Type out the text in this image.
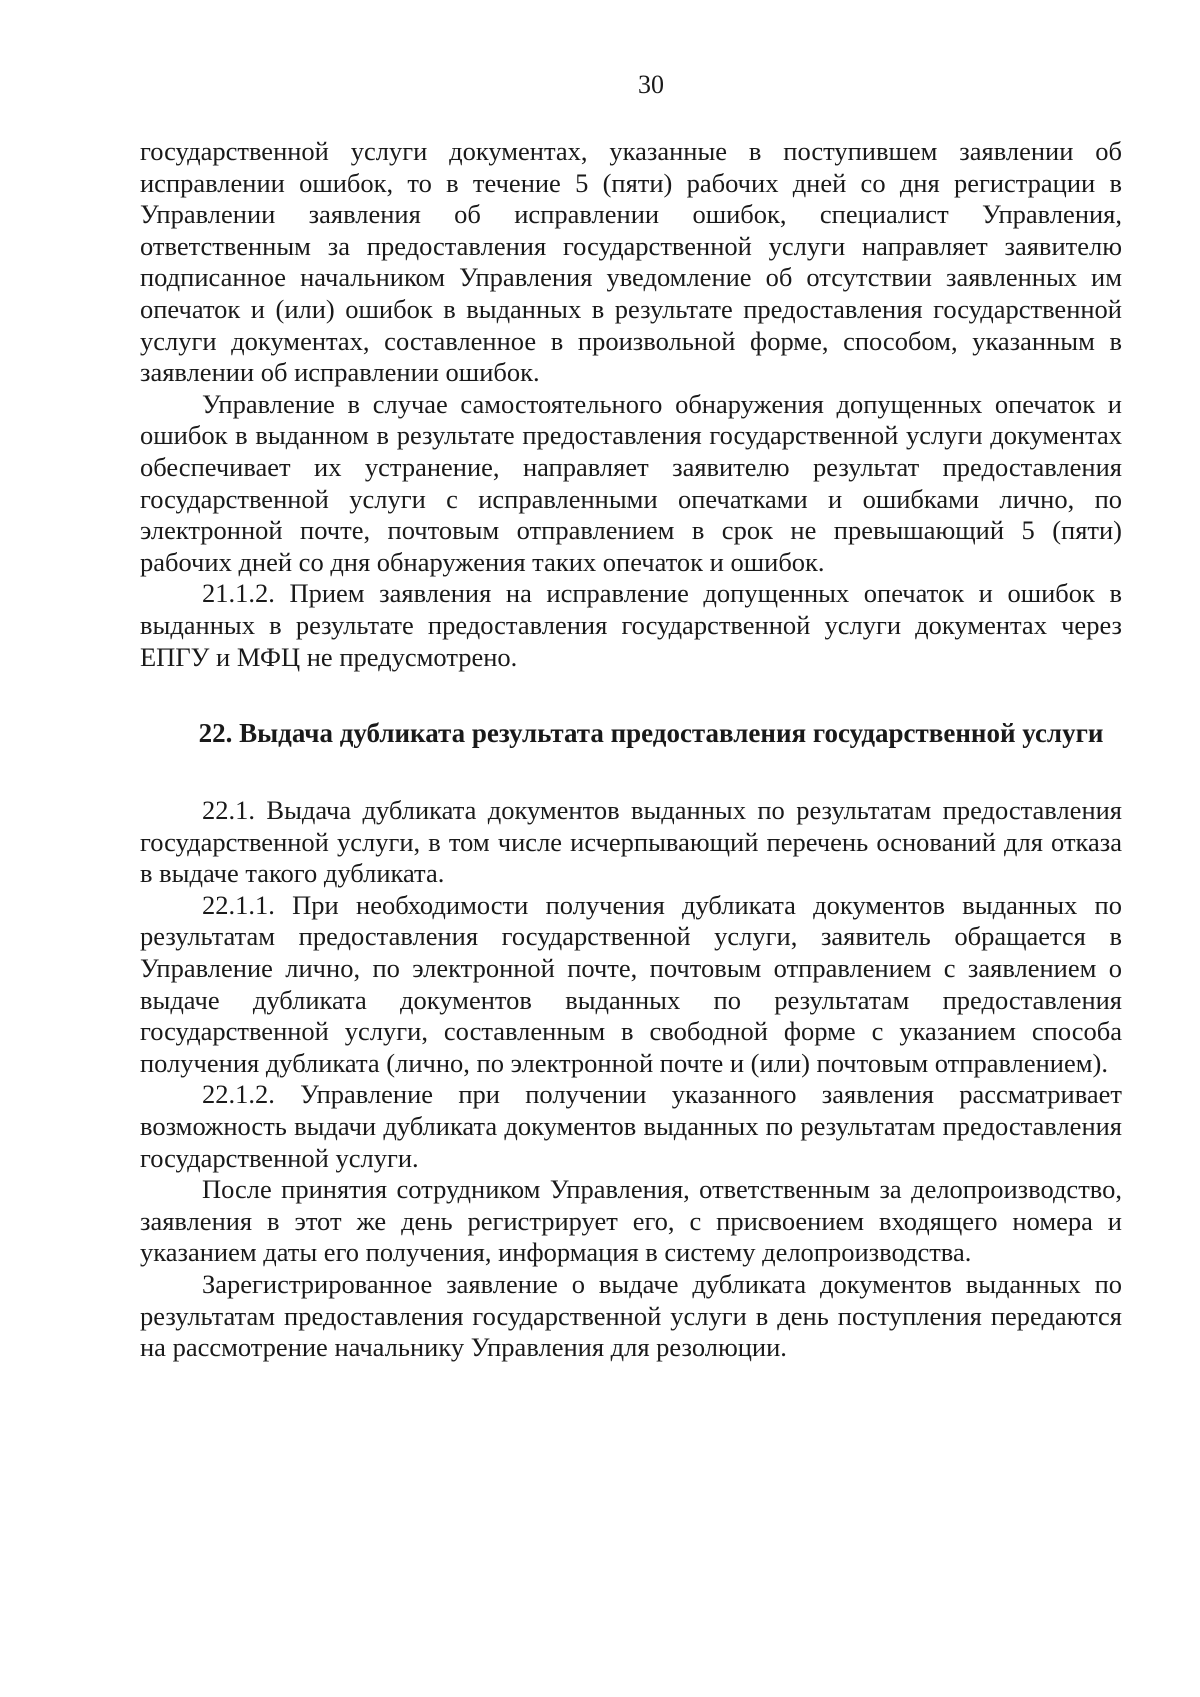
30

государственной услуги документах, указанные в поступившем заявлении об исправлении ошибок, то в течение 5 (пяти) рабочих дней со дня регистрации в Управлении заявления об исправлении ошибок, специалист Управления, ответственным за предоставления государственной услуги направляет заявителю подписанное начальником Управления уведомление об отсутствии заявленных им опечаток и (или) ошибок в выданных в результате предоставления государственной услуги документах, составленное в произвольной форме, способом, указанным в заявлении об исправлении ошибок.

Управление в случае самостоятельного обнаружения допущенных опечаток и ошибок в выданном в результате предоставления государственной услуги документах обеспечивает их устранение, направляет заявителю результат предоставления государственной услуги с исправленными опечатками и ошибками лично, по электронной почте, почтовым отправлением в срок не превышающий 5 (пяти) рабочих дней со дня обнаружения таких опечаток и ошибок.

21.1.2. Прием заявления на исправление допущенных опечаток и ошибок в выданных в результате предоставления государственной услуги документах через ЕПГУ и МФЦ не предусмотрено.

22. Выдача дубликата результата предоставления государственной услуги

22.1. Выдача дубликата документов выданных по результатам предоставления государственной услуги, в том числе исчерпывающий перечень оснований для отказа в выдаче такого дубликата.

22.1.1. При необходимости получения дубликата документов выданных по результатам предоставления государственной услуги, заявитель обращается в Управление лично, по электронной почте, почтовым отправлением с заявлением о выдаче дубликата документов выданных по результатам предоставления государственной услуги, составленным в свободной форме с указанием способа получения дубликата (лично, по электронной почте и (или) почтовым отправлением).

22.1.2. Управление при получении указанного заявления рассматривает возможность выдачи дубликата документов выданных по результатам предоставления государственной услуги.

После принятия сотрудником Управления, ответственным за делопроизводство, заявления в этот же день регистрирует его, с присвоением входящего номера и указанием даты его получения, информация в систему делопроизводства.

Зарегистрированное заявление о выдаче дубликата документов выданных по результатам предоставления государственной услуги в день поступления передаются на рассмотрение начальнику Управления для резолюции.
